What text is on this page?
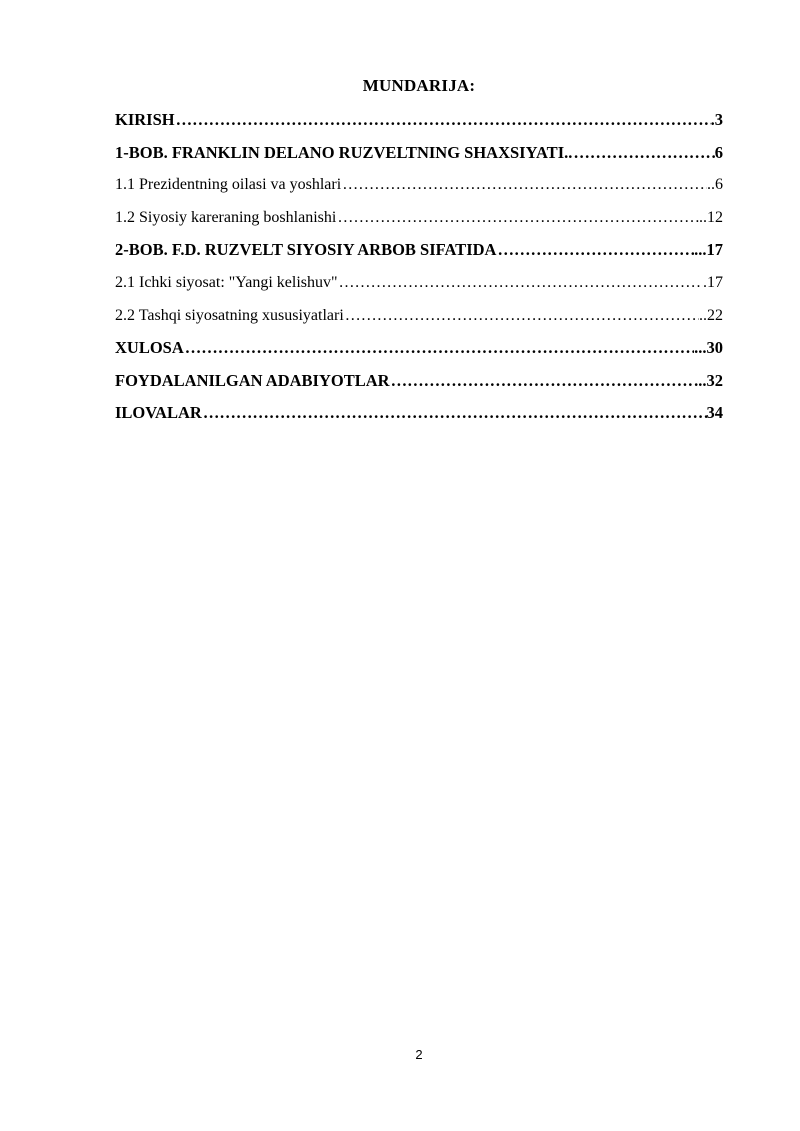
MUNDARIJA:
KIRISH ………………………………………………………………………………………………………………………………………………	.3
1-BOB. FRANKLIN DELANO RUZVELTNING SHAXSIYATI.. ………………………………………………………………………………………………………………………………………………	6
1.1 Prezidentning oilasi va yoshlari ………………………………………………………………………………………………………………………………………………	..6
1.2 Siyosiy kareraning boshlanishi ………………………………………………………………………………………………………………………………………………	..12
2-BOB. F.D. RUZVELT SIYOSIY ARBOB SIFATIDA ………………………………………………………………………………………………………………………………………………	...17
2.1 Ichki siyosat: "Yangi kelishuv" ………………………………………………………………………………………………………………………………………………	.17
2.2 Tashqi siyosatning xususiyatlari ………………………………………………………………………………………………………………………………………………	..22
XULOSA ………………………………………………………………………………………………………………………………………………	...30
FOYDALANILGAN ADABIYOTLAR ………………………………………………………………………………………………………………………………………………	...32
ILOVALAR ………………………………………………………………………………………………………………………………………………	34
2
